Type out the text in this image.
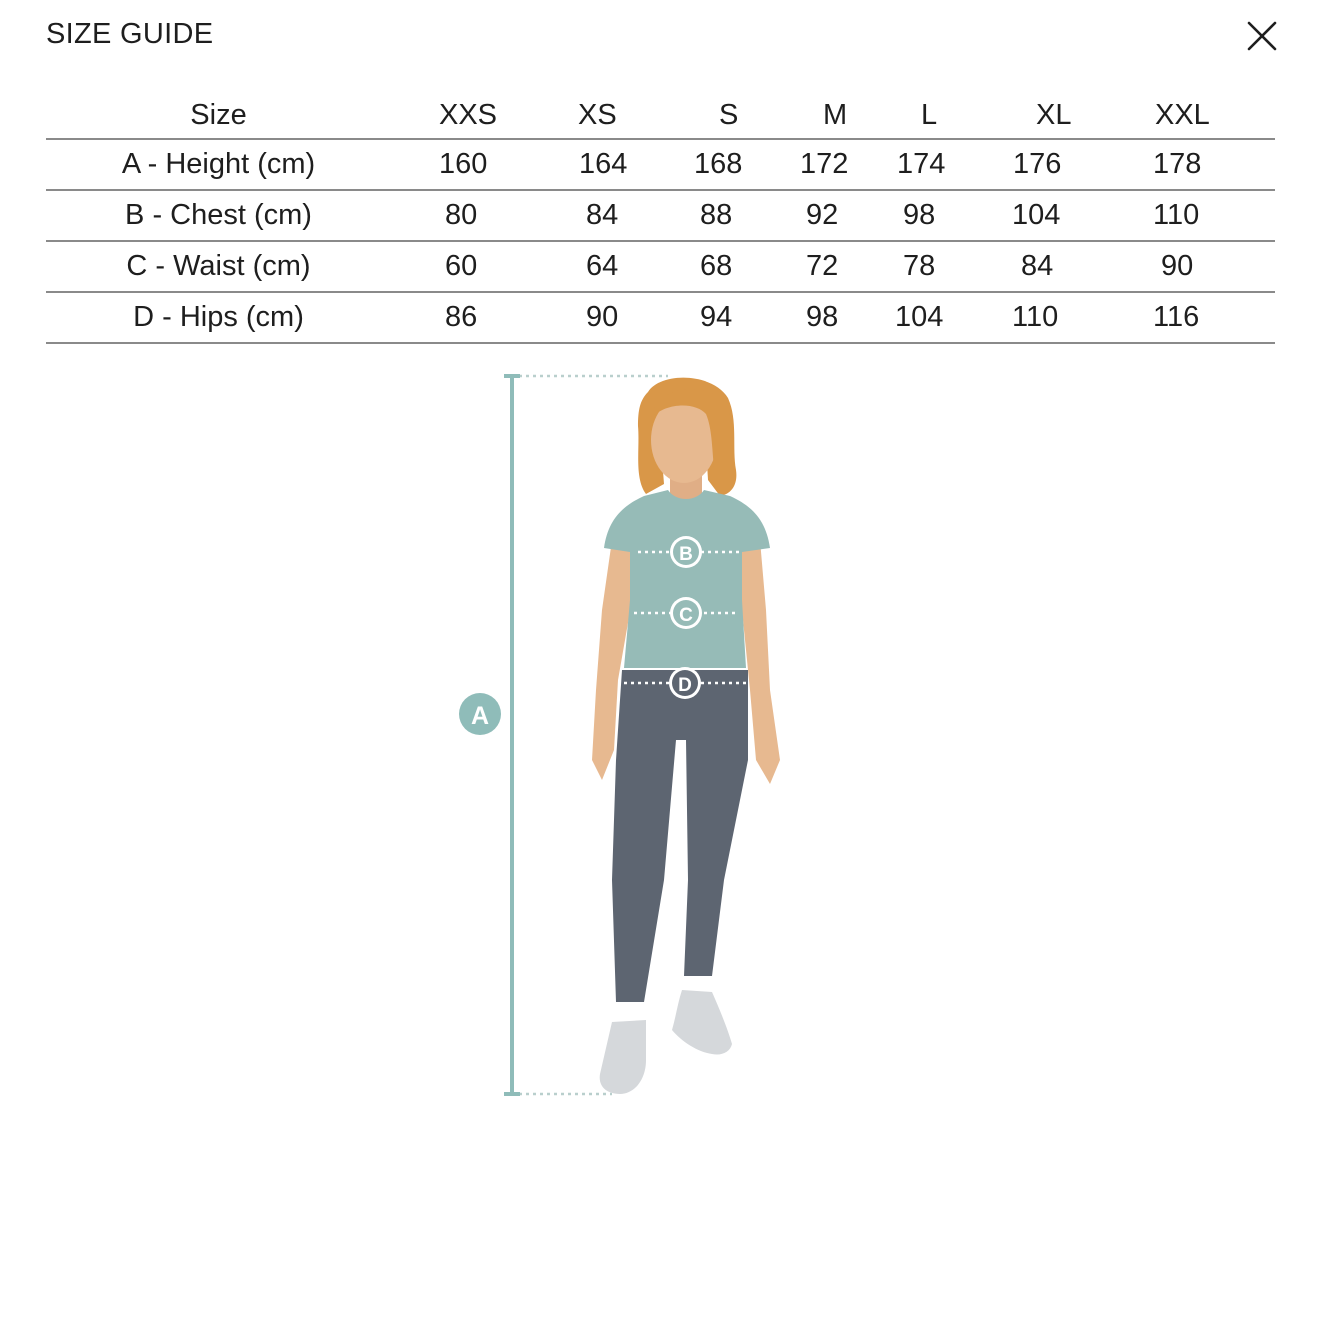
SIZE GUIDE
Size	XXS	XS	S	M	L	XL	XXL
A - Height (cm)	160	164	168	172	174	176	178
B - Chest (cm)	80	84	88	92	98	104	110
C - Waist (cm)	60	64	68	72	78	84	90
D - Hips (cm)	86	90	94	98	104	110	116
A
B
C
D
